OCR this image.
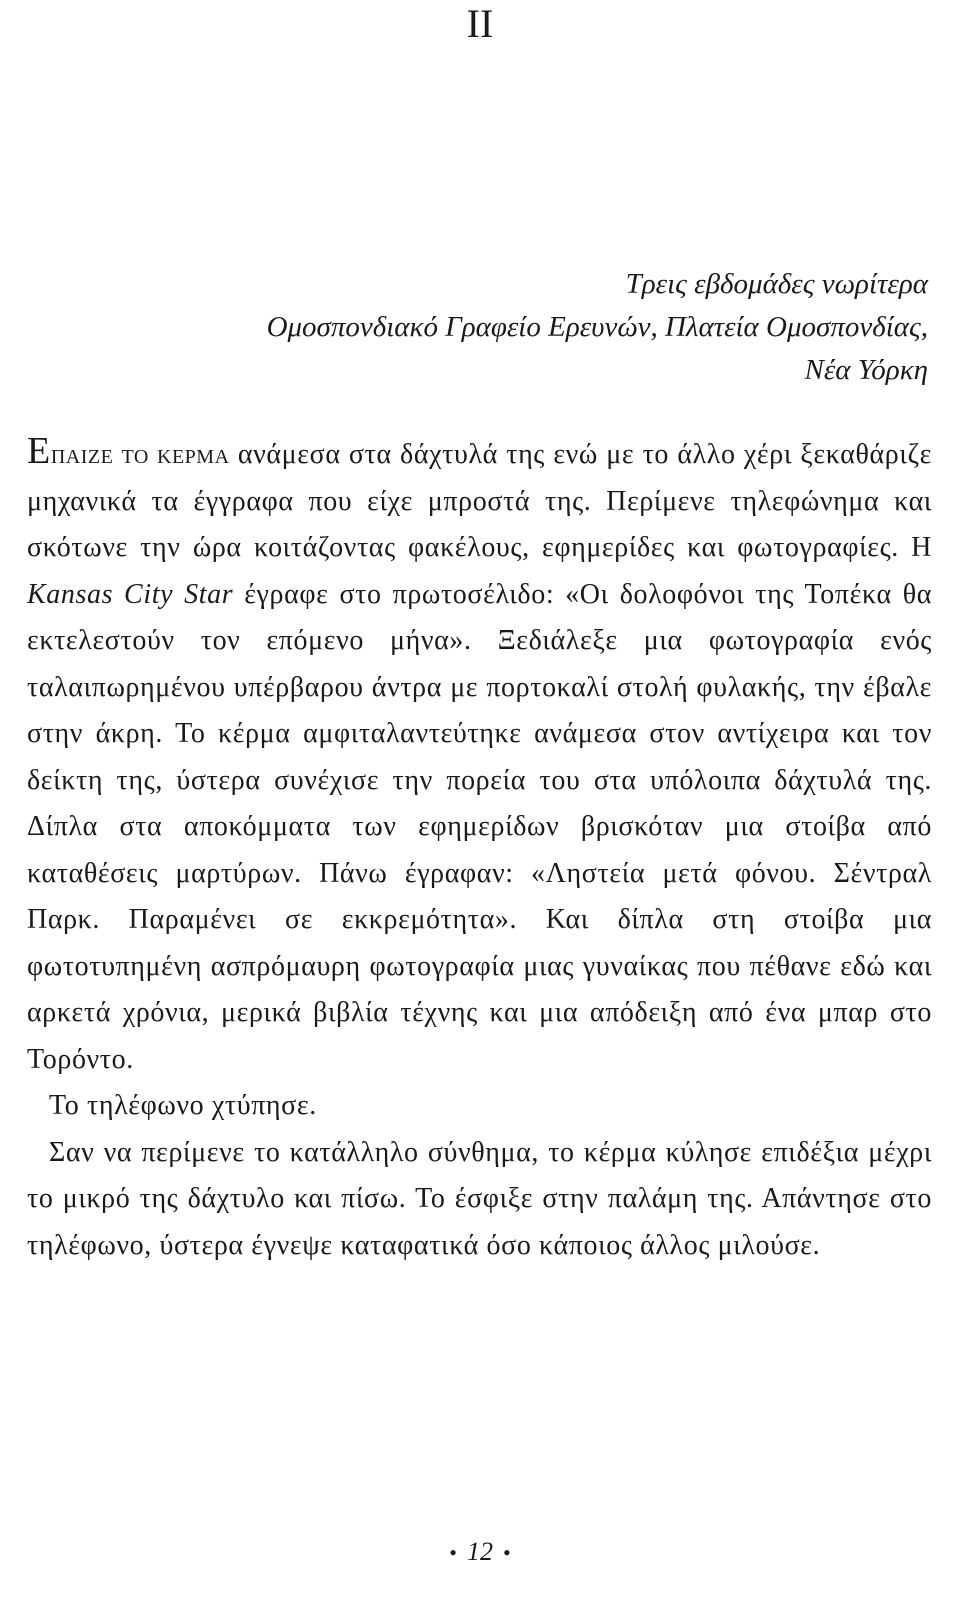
II
Τρεις εβδομάδες νωρίτερα
Ομοσπονδιακό Γραφείο Ερευνών, Πλατεία Ομοσπονδίας,
Νέα Υόρκη

Επαιζε το κερμα ανάμεσα στα δάχτυλά της ενώ με το άλλο χέρι ξεκαθάριζε μηχανικά τα έγγραφα που είχε μπροστά της. Περίμενε τηλεφώνημα και σκότωνε την ώρα κοιτάζοντας φακέλους, εφημερίδες και φωτογραφίες. Η Kansas City Star έγραφε στο πρωτοσέλιδο: «Οι δολοφόνοι της Τοπέκα θα εκτελεστούν τον επόμενο μήνα». Ξεδιάλεξε μια φωτογραφία ενός ταλαιπωρημένου υπέρβαρου άντρα με πορτοκαλί στολή φυλακής, την έβαλε στην άκρη. Το κέρμα αμφιταλαντεύτηκε ανάμεσα στον αντίχειρα και τον δείκτη της, ύστερα συνέχισε την πορεία του στα υπόλοιπα δάχτυλά της. Δίπλα στα αποκόμματα των εφημερίδων βρισκόταν μια στοίβα από καταθέσεις μαρτύρων. Πάνω έγραφαν: «Ληστεία μετά φόνου. Σέντραλ Παρκ. Παραμένει σε εκκρεμότητα». Και δίπλα στη στοίβα μια φωτοτυπημένη ασπρόμαυρη φωτογραφία μιας γυναίκας που πέθανε εδώ και αρκετά χρόνια, μερικά βιβλία τέχνης και μια απόδειξη από ένα μπαρ στο Τορόντο.

Το τηλέφωνο χτύπησε.

Σαν να περίμενε το κατάλληλο σύνθημα, το κέρμα κύλησε επιδέξια μέχρι το μικρό της δάχτυλο και πίσω. Το έσφιξε στην παλάμη της. Απάντησε στο τηλέφωνο, ύστερα έγνεψε καταφατικά όσο κάποιος άλλος μιλούσε.

• 12 •
